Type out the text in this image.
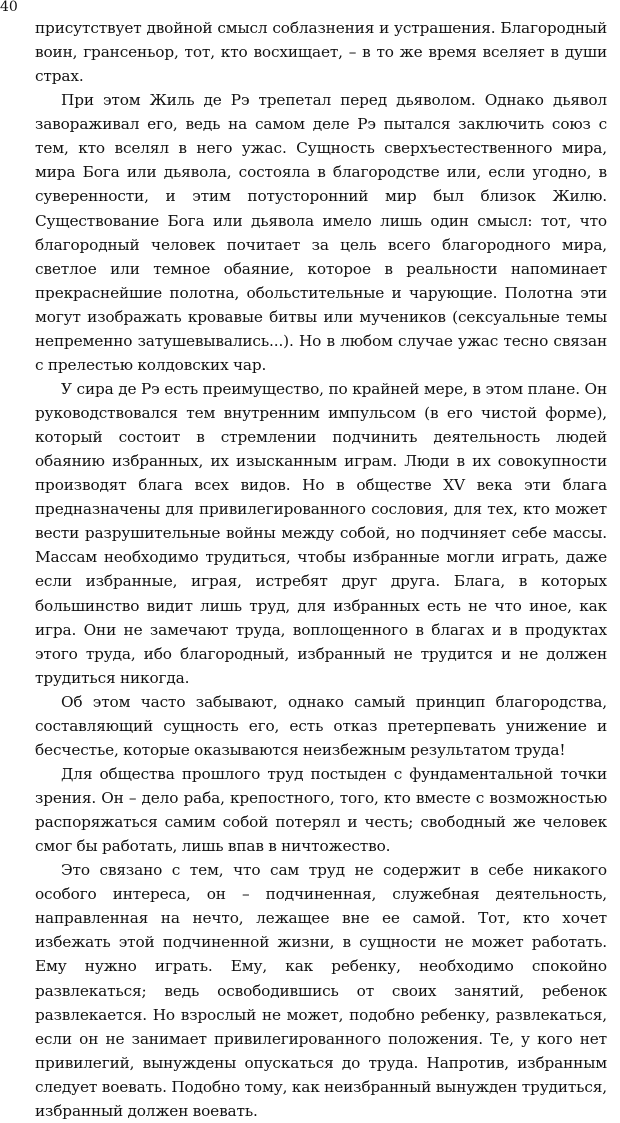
40

присутствует двойной смысл соблазнения и устрашения. Благородный воин, грансеньор, тот, кто восхищает, – в то же время вселяет в души страх.

При этом Жиль де Рэ трепетал перед дьяволом. Однако дьявол завораживал его, ведь на самом деле Рэ пытался заключить союз с тем, кто вселял в него ужас. Сущность сверхъестественного мира, мира Бога или дьявола, состояла в благородстве или, если угодно, в суверенности, и этим потусторонний мир был близок Жилю. Существование Бога или дьявола имело лишь один смысл: тот, что благородный человек почитает за цель всего благородного мира, светлое или темное обаяние, которое в реальности напоминает прекраснейшие полотна, обольстительные и чарующие. Полотна эти могут изображать кровавые битвы или мучеников (сексуальные темы непременно затушевывались...). Но в любом случае ужас тесно связан с прелестью колдовских чар.

У сира де Рэ есть преимущество, по крайней мере, в этом плане. Он руководствовался тем внутренним импульсом (в его чистой форме), который состоит в стремлении подчинить деятельность людей обаянию избранных, их изысканным играм. Люди в их совокупности производят блага всех видов. Но в обществе XV века эти блага предназначены для привилегированного сословия, для тех, кто может вести разрушительные войны между собой, но подчиняет себе массы. Массам необходимо трудиться, чтобы избранные могли играть, даже если избранные, играя, истребят друг друга. Блага, в которых большинство видит лишь труд, для избранных есть не что иное, как игра. Они не замечают труда, воплощенного в благах и в продуктах этого труда, ибо благородный, избранный не трудится и не должен трудиться никогда.

Об этом часто забывают, однако самый принцип благородства, составляющий сущность его, есть отказ претерпевать унижение и бесчестье, которые оказываются неизбежным результатом труда!

Для общества прошлого труд постыден с фундаментальной точки зрения. Он – дело раба, крепостного, того, кто вместе с возможностью распоряжаться самим собой потерял и честь; свободный же человек смог бы работать, лишь впав в ничтожество.

Это связано с тем, что сам труд не содержит в себе никакого особого интереса, он – подчиненная, служебная деятельность, направленная на нечто, лежащее вне ее самой. Тот, кто хочет избежать этой подчиненной жизни, в сущности не может работать. Ему нужно играть. Ему, как ребенку, необходимо спокойно развлекаться; ведь освободившись от своих занятий, ребенок развлекается. Но взрослый не может, подобно ребенку, развлекаться, если он не занимает привилегированного положения. Те, у кого нет привилегий, вынуждены опускаться до труда. Напротив, избранным следует воевать. Подобно тому, как неизбранный вынужден трудиться, избранный должен воевать.
